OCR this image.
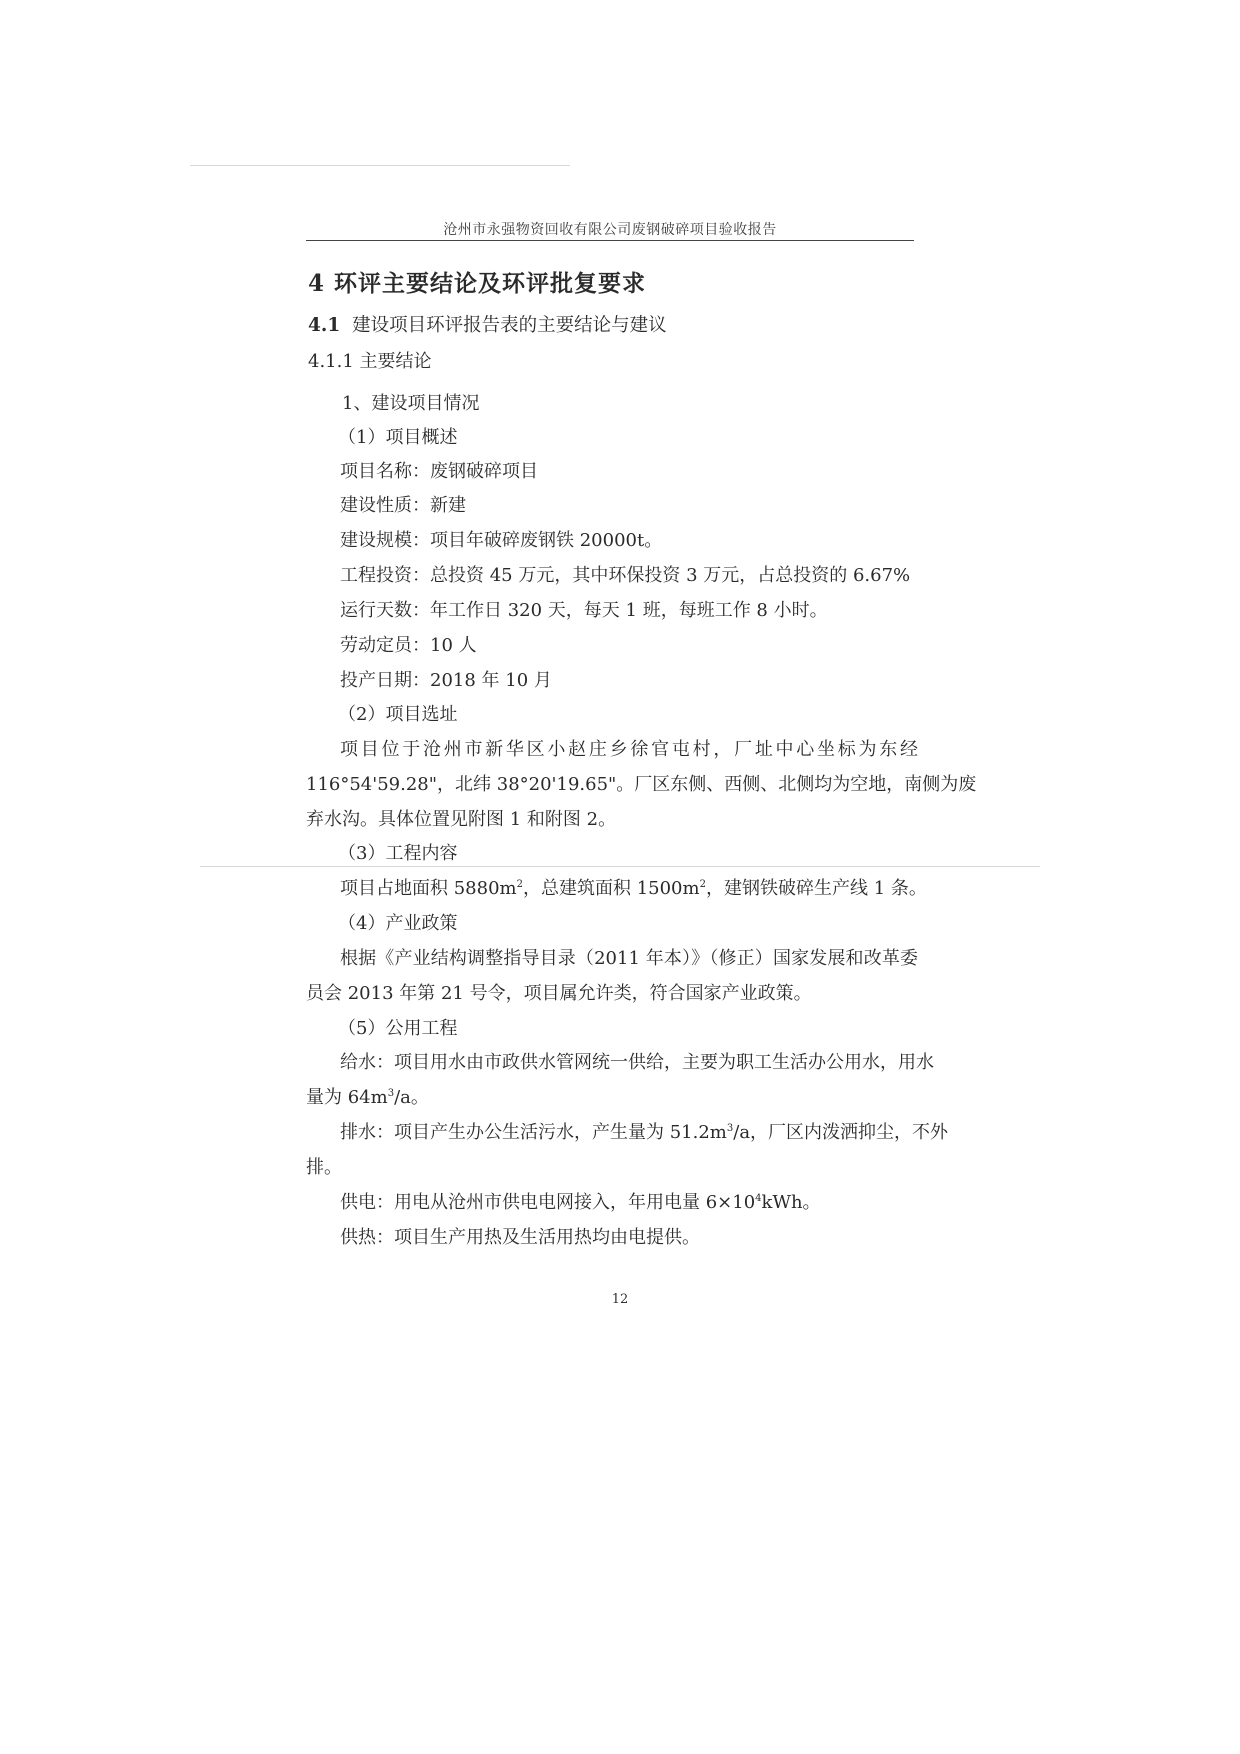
沧州市永强物资回收有限公司废钢破碎项目验收报告
4 环评主要结论及环评批复要求
4.1 建设项目环评报告表的主要结论与建议
4.1.1 主要结论
1、建设项目情况
（1）项目概述
项目名称：废钢破碎项目
建设性质：新建
建设规模：项目年破碎废钢铁 20000t。
工程投资：总投资 45 万元，其中环保投资 3 万元，占总投资的 6.67%
运行天数：年工作日 320 天，每天 1 班，每班工作 8 小时。
劳动定员：10 人
投产日期：2018 年 10 月
（2）项目选址
项目位于沧州市新华区小赵庄乡徐官屯村，厂址中心坐标为东经
116°54'59.28"，北纬 38°20'19.65"。厂区东侧、西侧、北侧均为空地，南侧为废
弃水沟。具体位置见附图 1 和附图 2。
（3）工程内容
项目占地面积 $5880m^2$，总建筑面积 $1500m^2$，建钢铁破碎生产线 1 条。
（4）产业政策
根据《产业结构调整指导目录（2011 年本）》（修正）国家发展和改革委
员会 2013 年第 21 号令，项目属允许类，符合国家产业政策。
（5）公用工程
给水：项目用水由市政供水管网统一供给，主要为职工生活办公用水，用水
量为 $64m^3/a$。
排水：项目产生办公生活污水，产生量为 $51.2m^3/a$，厂区内泼洒抑尘，不外
排。
供电：用电从沧州市供电电网接入，年用电量 $6\times 10^4kWh$。
供热：项目生产用热及生活用热均由电提供。
12
